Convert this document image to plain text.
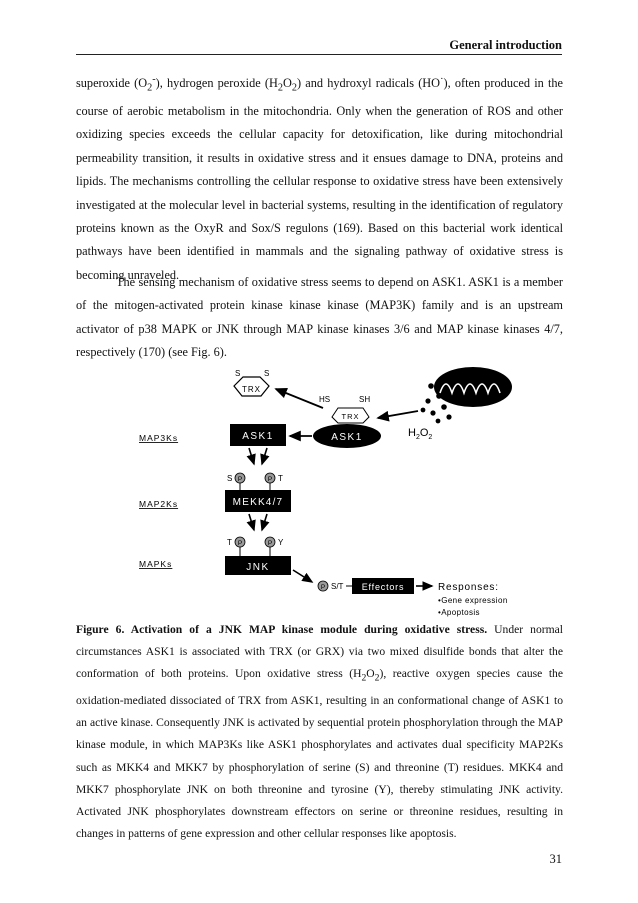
General introduction

superoxide $(O_2^-)$, hydrogen peroxide $(H_2O_2)$ and hydroxyl radicals (HO·), often produced in the course of aerobic metabolism in the mitochondria. Only when the generation of ROS and other oxidizing species exceeds the cellular capacity for detoxification, like during mitochondrial permeability transition, it results in oxidative stress and it ensues damage to DNA, proteins and lipids. The mechanisms controlling the cellular response to oxidative stress have been extensively investigated at the molecular level in bacterial systems, resulting in the identification of regulatory proteins known as the OxyR and Sox/S regulons (169). Based on this bacterial work identical pathways have been identified in mammals and the signaling pathway of oxidative stress is becoming unraveled.

The sensing mechanism of oxidative stress seems to depend on ASK1. ASK1 is a member of the mitogen-activated protein kinase kinase kinase (MAP3K) family and is an upstream activator of p38 MAPK or JNK through MAP kinase kinases 3/6 and MAP kinase kinases 4/7, respectively (170) (see Fig. 6).

MAP3Ks
MAP2Ks
MAPKs
S	S
TRX
HS	SH
TRX
ASK1
ASK1	$H_2O_2$
S P	P T
MEKK4/7
T P	P Y
JNK
P S/T Effectors	Responses:
•Gene expression
•Apoptosis

Figure 6. Activation of a JNK MAP kinase module during oxidative stress. Under normal circumstances ASK1 is associated with TRX (or GRX) via two mixed disulfide bonds that alter the conformation of both proteins. Upon oxidative stress $(H_2O_2)$, reactive oxygen species cause the oxidation-mediated dissociated of TRX from ASK1, resulting in an conformational change of ASK1 to an active kinase. Consequently JNK is activated by sequential protein phosphorylation through the MAP kinase module, in which MAP3Ks like ASK1 phosphorylates and activates dual specificity MAP2Ks such as MKK4 and MKK7 by phosphorylation of serine (S) and threonine (T) residues. MKK4 and MKK7 phosphorylate JNK on both threonine and tyrosine (Y), thereby stimulating JNK activity. Activated JNK phosphorylates downstream effectors on serine or threonine residues, resulting in changes in patterns of gene expression and other cellular responses like apoptosis.

31
